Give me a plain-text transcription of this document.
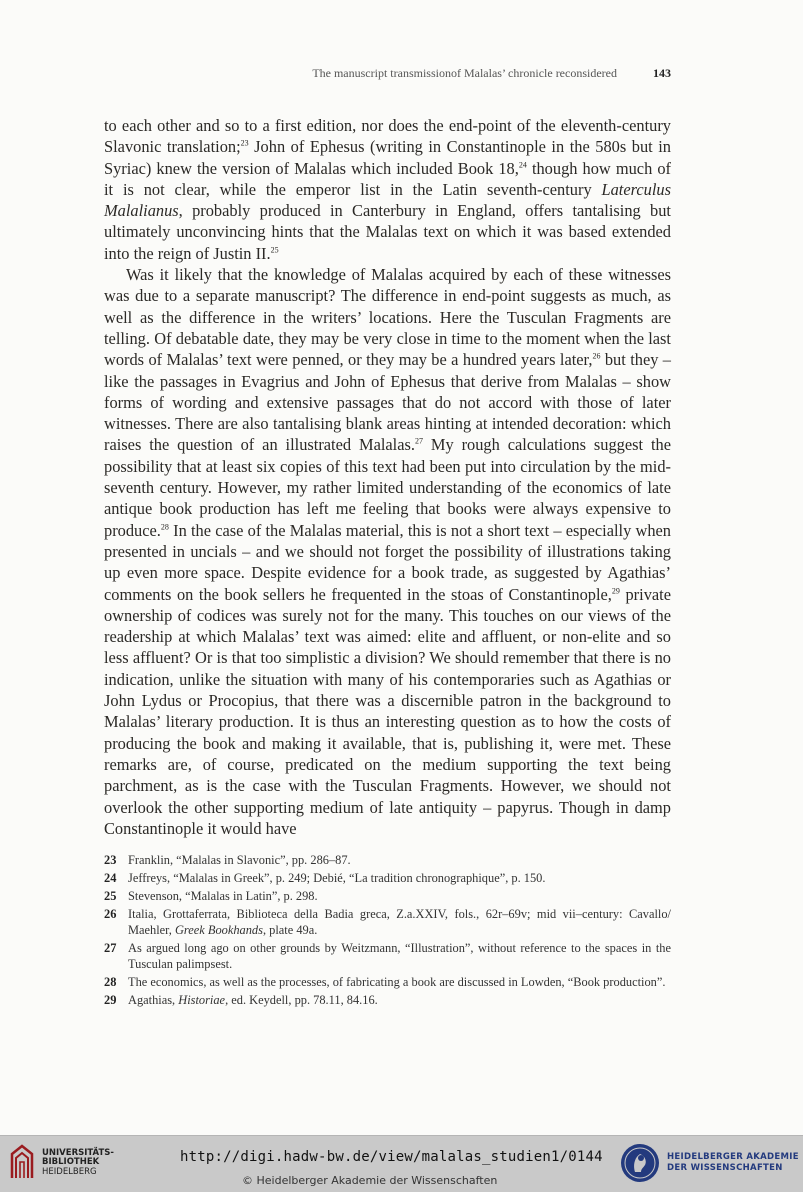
The manuscript transmissionof Malalas’ chronicle reconsidered	143

to each other and so to a first edition, nor does the end-point of the eleventh-century Slavonic translation;$^{23}$ John of Ephesus (writing in Constantinople in the 580s but in Syriac) knew the version of Malalas which included Book 18,24 though how much of it is not clear, while the emperor list in the Latin seventh-century Laterculus Malalianus, probably produced in Canterbury in England, offers tantalising but ultimately unconvincing hints that the Malalas text on which it was based extended into the reign of Justin II.$^{25}$

Was it likely that the knowledge of Malalas acquired by each of these witnesses was due to a separate manuscript? The difference in end-point suggests as much, as well as the difference in the writers’ locations. Here the Tusculan Fragments are telling. Of debatable date, they may be very close in time to the moment when the last words of Malalas’ text were penned, or they may be a hundred years later,$^{26}$ but they – like the passages in Evagrius and John of Ephesus that derive from Malalas – show forms of wording and extensive passages that do not accord with those of later witnesses. There are also tantalising blank areas hinting at intended decoration: which raises the question of an illustrated Malalas.$^{27}$ My rough calculations suggest the possibility that at least six copies of this text had been put into circulation by the mid-seventh century. However, my rather limited understanding of the economics of late antique book production has left me feeling that books were always expensive to produce.$^{28}$ In the case of the Malalas material, this is not a short text – especially when presented in uncials – and we should not forget the possibility of illustrations taking up even more space. Despite evidence for a book trade, as suggested by Agathias’ comments on the book sellers he frequented in the stoas of Constantinople,$^{29}$ private ownership of codices was surely not for the many. This touches on our views of the readership at which Malalas’ text was aimed: elite and affluent, or non-elite and so less affluent? Or is that too simplistic a division? We should remember that there is no indication, unlike the situation with many of his contemporaries such as Agathias or John Lydus or Procopius, that there was a discernible patron in the background to Malalas’ literary production. It is thus an interesting question as to how the costs of producing the book and making it available, that is, publishing it, were met. These remarks are, of course, predicated on the medium supporting the text being parchment, as is the case with the Tusculan Fragments. However, we should not overlook the other supporting medium of late antiquity – papyrus. Though in damp Constantinople it would have

23 Franklin, “Malalas in Slavonic”, pp. 286–87.
24 Jeffreys, “Malalas in Greek”, p. 249; Debié, “La tradition chronographique”, p. 150.
25 Stevenson, “Malalas in Latin”, p. 298.
26 Italia, Grottaferrata, Biblioteca della Badia greca, Z.a.XXIV, fols., 62r–69v; mid vii–century: Cavallo/ Maehler, Greek Bookhands, plate 49a.
27 As argued long ago on other grounds by Weitzmann, “Illustration”, without reference to the spaces in the Tusculan palimpsest.
28 The economics, as well as the processes, of fabricating a book are discussed in Lowden, “Book production”.
29 Agathias, Historiae, ed. Keydell, pp. 78.11, 84.16.
UNIVERSITÄTS-
BIBLIOTHEK
HEIDELBERG
http://digi.hadw-bw.de/view/malalas_studien1/0144
© Heidelberger Akademie der Wissenschaften
HEIDELBERGER AKADEMIE
DER WISSENSCHAFTEN
